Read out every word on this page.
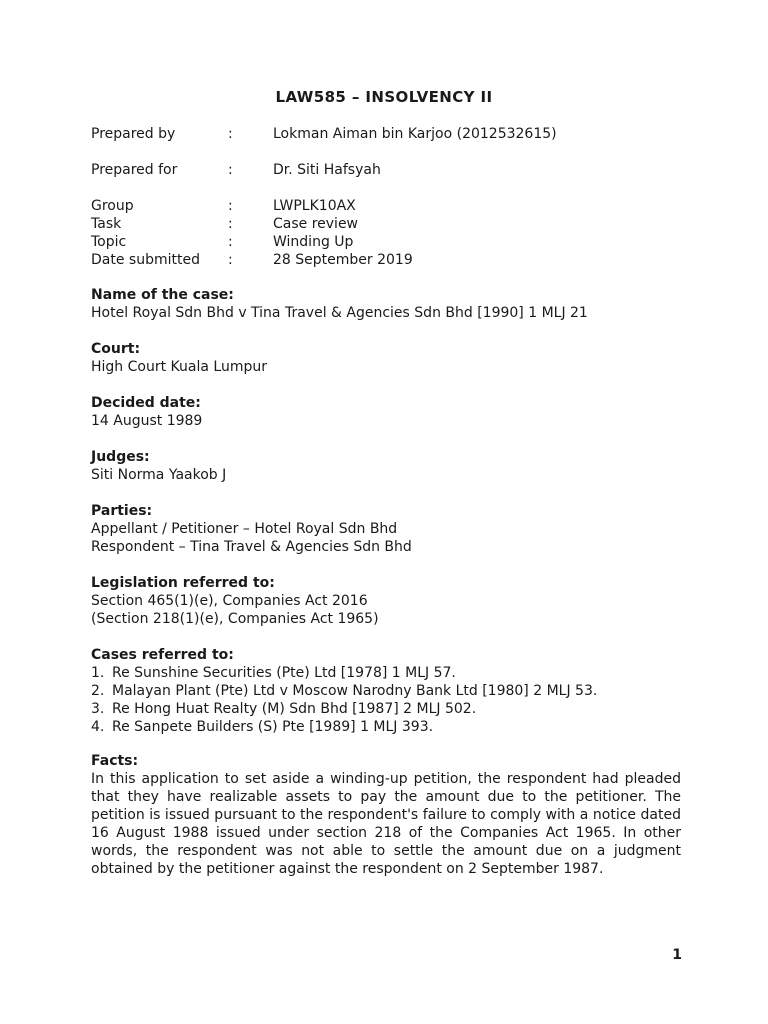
LAW585 – INSOLVENCY II
Prepared by	:	Lokman Aiman bin Karjoo (2012532615)
Prepared for	:	Dr. Siti Hafsyah
Group	:	LWPLK10AX
Task	:	Case review
Topic	:	Winding Up
Date submitted	:	28 September 2019
Name of the case:
Hotel Royal Sdn Bhd v Tina Travel & Agencies Sdn Bhd [1990] 1 MLJ 21
Court:
High Court Kuala Lumpur
Decided date:
14 August 1989
Judges:
Siti Norma Yaakob J
Parties:
Appellant / Petitioner – Hotel Royal Sdn Bhd
Respondent – Tina Travel & Agencies Sdn Bhd
Legislation referred to:
Section 465(1)(e), Companies Act 2016
(Section 218(1)(e), Companies Act 1965)
Cases referred to:
1. Re Sunshine Securities (Pte) Ltd [1978] 1 MLJ 57.
2. Malayan Plant (Pte) Ltd v Moscow Narodny Bank Ltd [1980] 2 MLJ 53.
3. Re Hong Huat Realty (M) Sdn Bhd [1987] 2 MLJ 502.
4. Re Sanpete Builders (S) Pte [1989] 1 MLJ 393.
Facts:
In this application to set aside a winding-up petition, the respondent had pleaded that they have realizable assets to pay the amount due to the petitioner. The petition is issued pursuant to the respondent's failure to comply with a notice dated 16 August 1988 issued under section 218 of the Companies Act 1965. In other words, the respondent was not able to settle the amount due on a judgment obtained by the petitioner against the respondent on 2 September 1987.
1
